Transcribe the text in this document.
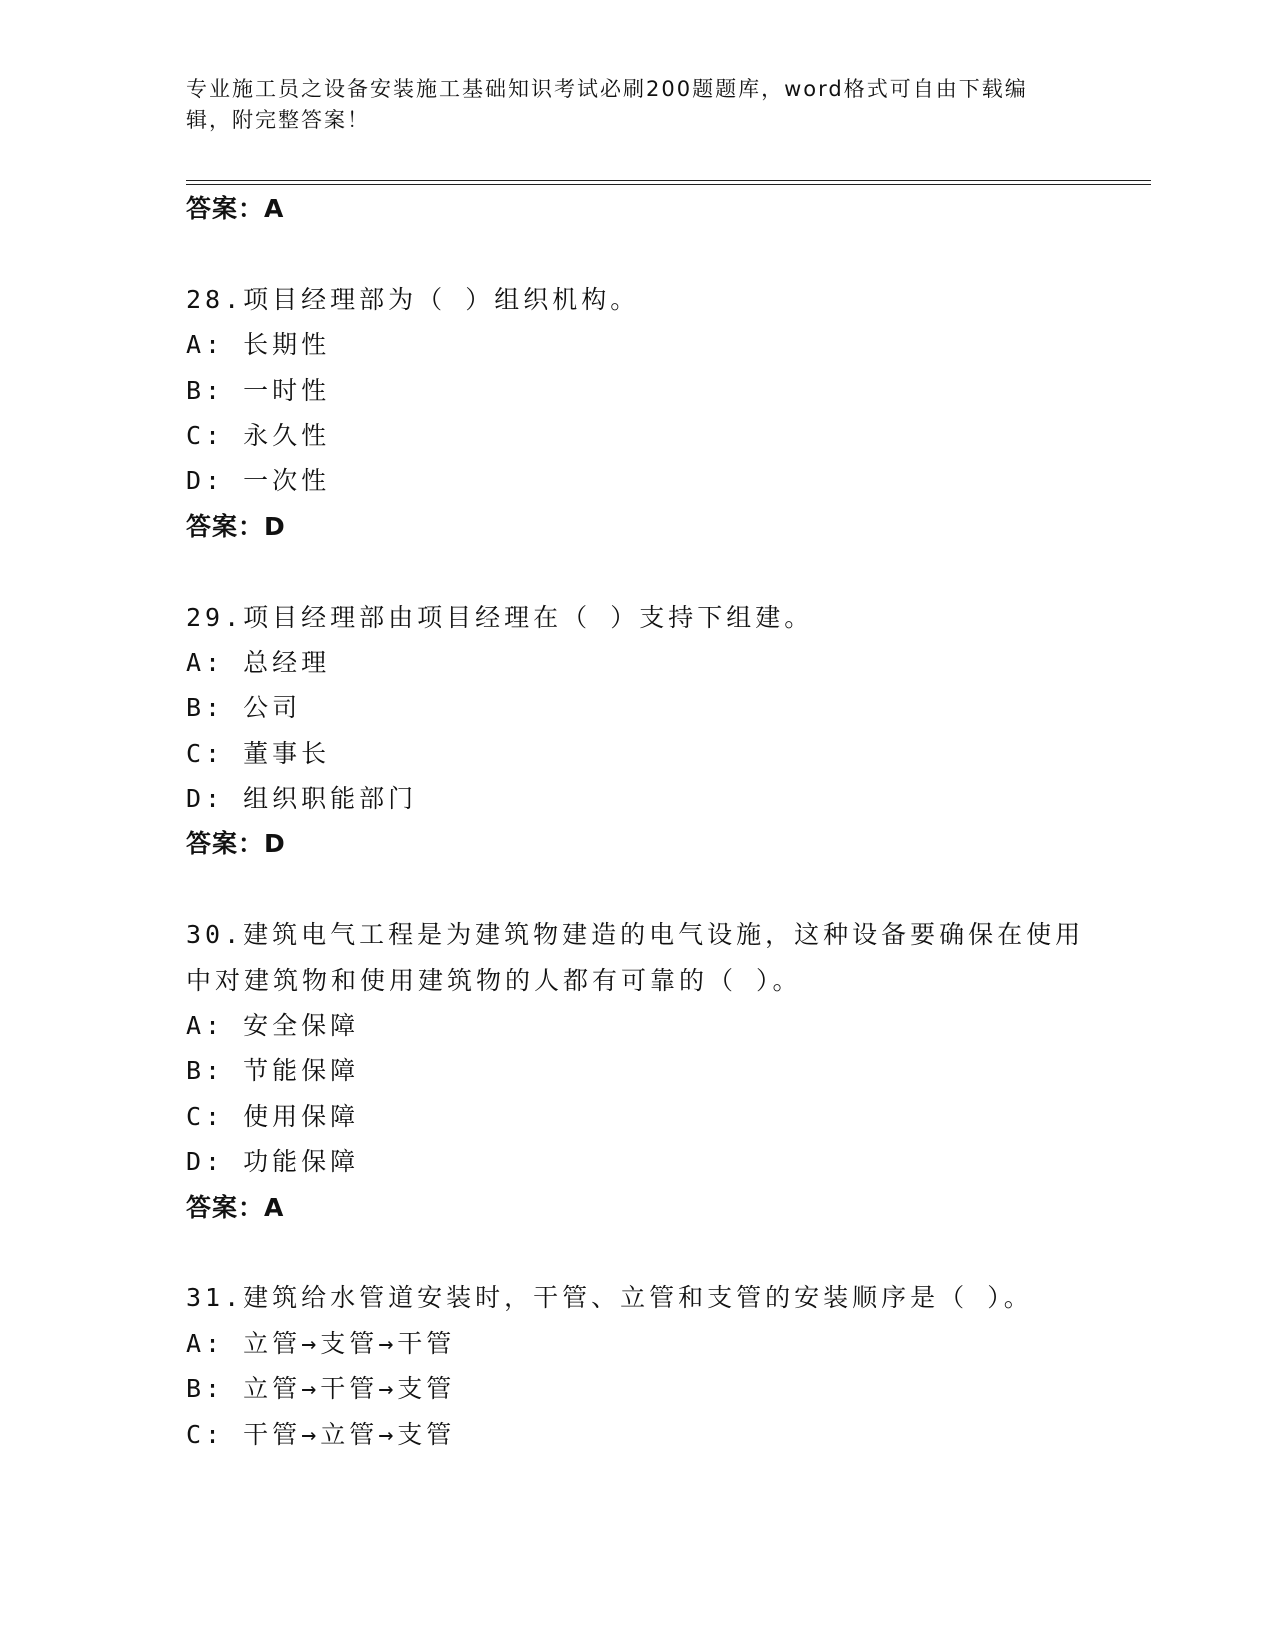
专业施工员之设备安装施工基础知识考试必刷200题题库，word格式可自由下载编辑，附完整答案！
答案：A
28.项目经理部为（ ）组织机构。
A: 长期性
B: 一时性
C: 永久性
D: 一次性
答案：D
29.项目经理部由项目经理在（ ）支持下组建。
A: 总经理
B: 公司
C: 董事长
D: 组织职能部门
答案：D
30.建筑电气工程是为建筑物建造的电气设施，这种设备要确保在使用
中对建筑物和使用建筑物的人都有可靠的（ ）。
A: 安全保障
B: 节能保障
C: 使用保障
D: 功能保障
答案：A
31.建筑给水管道安装时，干管、立管和支管的安装顺序是（ ）。
A: 立管→支管→干管
B: 立管→干管→支管
C: 干管→立管→支管
